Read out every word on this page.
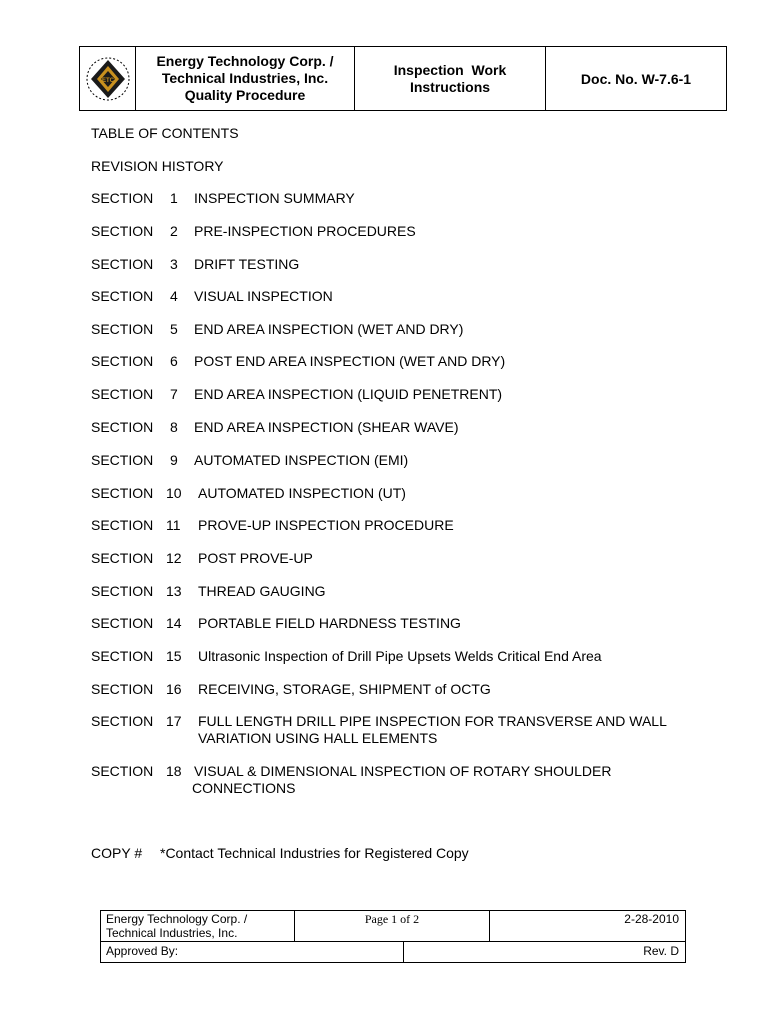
ETC
Energy Technology Corp. /
Technical Industries, Inc.
Quality Procedure
Inspection  Work
Instructions	Doc. No. W-7.6-1
TABLE OF CONTENTS
REVISION HISTORY
SECTION 1 INSPECTION SUMMARY
SECTION 2 PRE-INSPECTION PROCEDURES
SECTION 3 DRIFT TESTING
SECTION 4 VISUAL INSPECTION
SECTION 5 END AREA INSPECTION (WET AND DRY)
SECTION 6 POST END AREA INSPECTION (WET AND DRY)
SECTION 7 END AREA INSPECTION (LIQUID PENETRENT)
SECTION 8 END AREA INSPECTION (SHEAR WAVE)
SECTION 9 AUTOMATED INSPECTION (EMI)
SECTION 10 AUTOMATED INSPECTION (UT)
SECTION 11 PROVE-UP INSPECTION PROCEDURE
SECTION 12 POST PROVE-UP
SECTION 13 THREAD GAUGING
SECTION 14 PORTABLE FIELD HARDNESS TESTING
SECTION 15 Ultrasonic Inspection of Drill Pipe Upsets Welds Critical End Area
SECTION 16 RECEIVING, STORAGE, SHIPMENT of OCTG
SECTION 17 FULL LENGTH DRILL PIPE INSPECTION FOR TRANSVERSE AND WALL
VARIATION USING HALL ELEMENTS
SECTION 18 VISUAL & DIMENSIONAL INSPECTION OF ROTARY SHOULDER
CONNECTIONS
COPY # *Contact Technical Industries for Registered Copy
Energy Technology Corp. /
Technical Industries, Inc.
Page 1 of 2	2-28-2010
Approved By:	Rev. D
